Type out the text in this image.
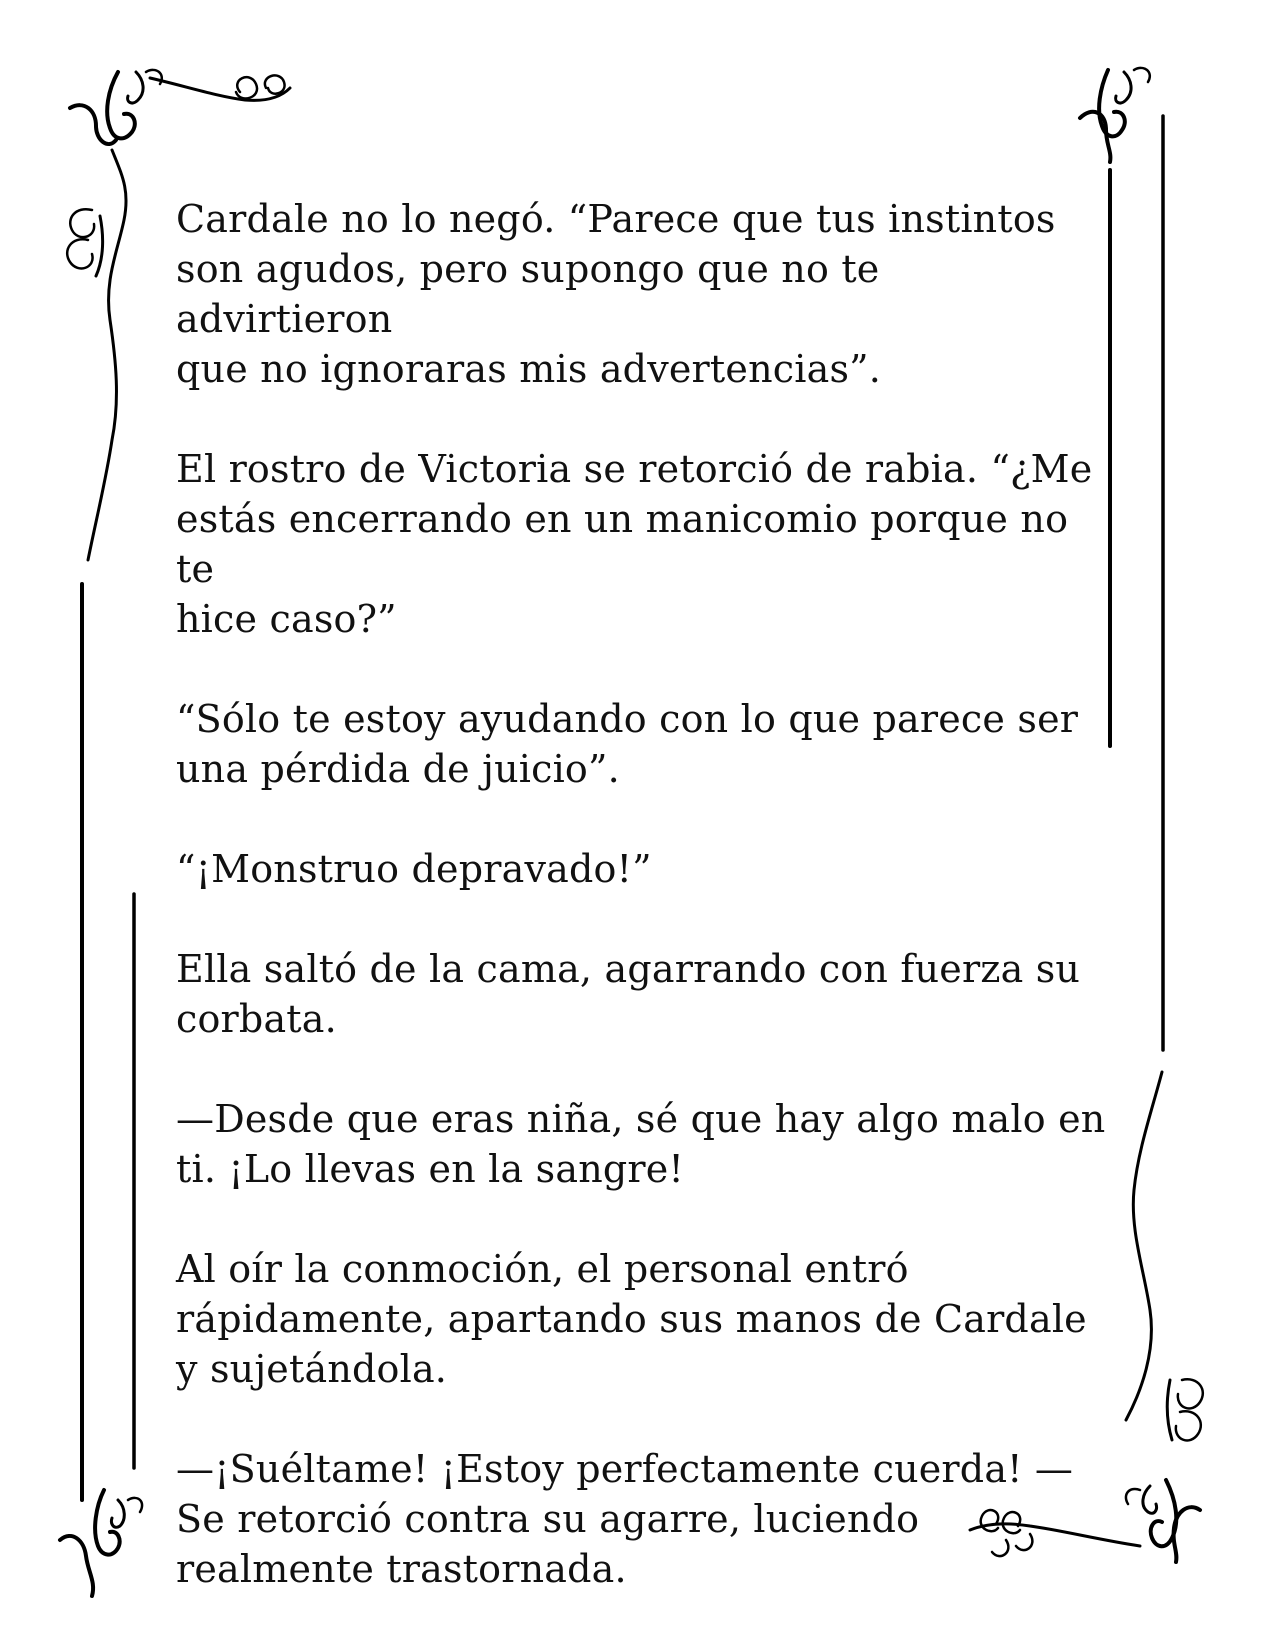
Cardale no lo negó. “Parece que tus instintos
son agudos, pero supongo que no te advirtieron
que no ignoraras mis advertencias”.

El rostro de Victoria se retorció de rabia. “¿Me
estás encerrando en un manicomio porque no te
hice caso?”

“Sólo te estoy ayudando con lo que parece ser
una pérdida de juicio”.

“¡Monstruo depravado!”

Ella saltó de la cama, agarrando con fuerza su
corbata.

—Desde que eras niña, sé que hay algo malo en
ti. ¡Lo llevas en la sangre!

Al oír la conmoción, el personal entró
rápidamente, apartando sus manos de Cardale
y sujetándola.

—¡Suéltame! ¡Estoy perfectamente cuerda! —
Se retorció contra su agarre, luciendo
realmente trastornada.
